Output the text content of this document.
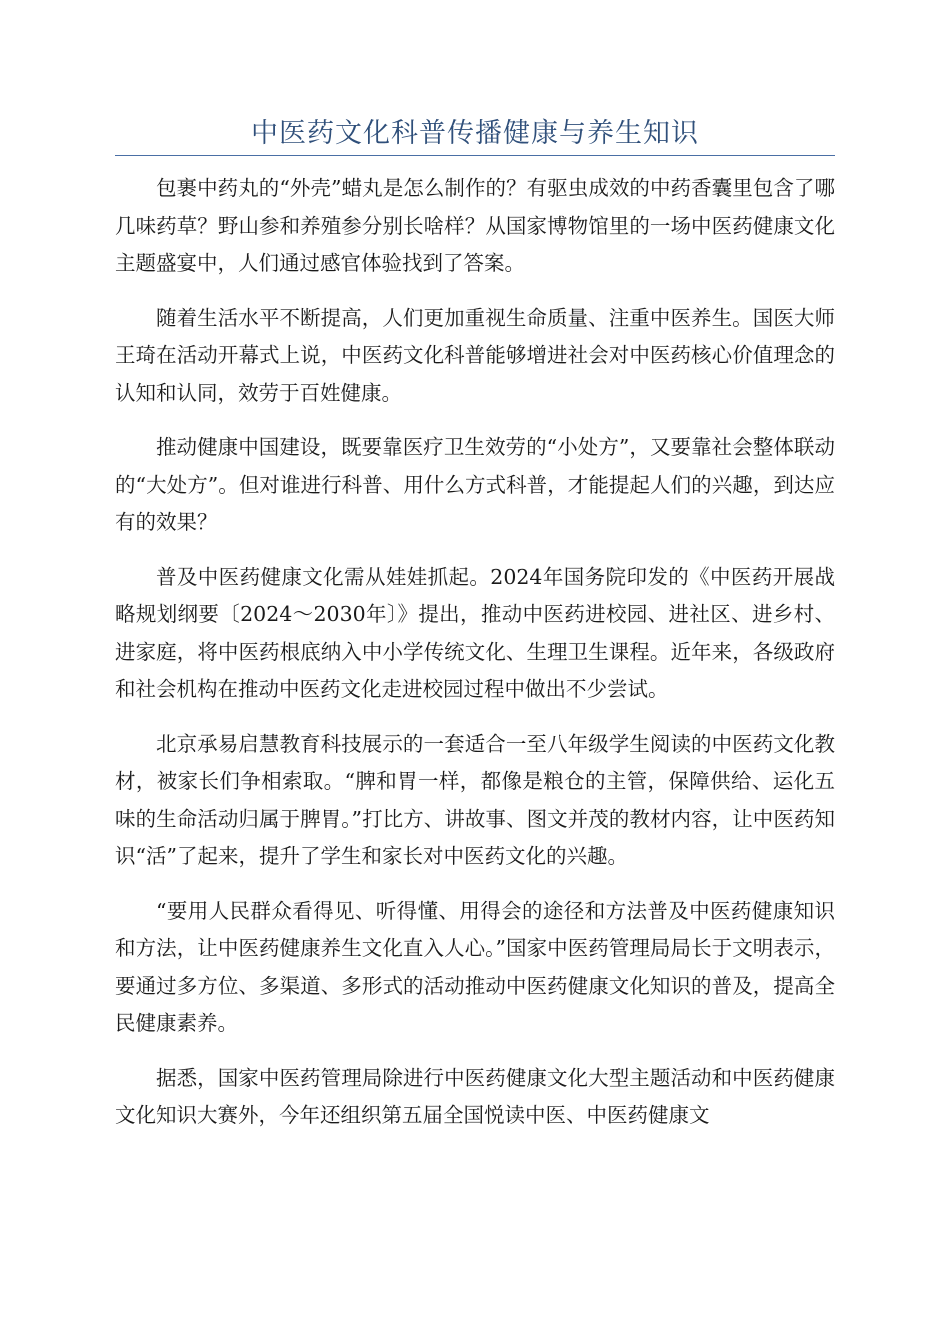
中医药文化科普传播健康与养生知识

包裹中药丸的“外壳”蜡丸是怎么制作的？有驱虫成效的中药香囊里包含了哪几味药草？野山参和养殖参分别长啥样？从国家博物馆里的一场中医药健康文化主题盛宴中，人们通过感官体验找到了答案。

随着生活水平不断提高，人们更加重视生命质量、注重中医养生。国医大师王琦在活动开幕式上说，中医药文化科普能够增进社会对中医药核心价值理念的认知和认同，效劳于百姓健康。

推动健康中国建设，既要靠医疗卫生效劳的“小处方”，又要靠社会整体联动的“大处方”。但对谁进行科普、用什么方式科普，才能提起人们的兴趣，到达应有的效果？

普及中医药健康文化需从娃娃抓起。2024年国务院印发的《中医药开展战略规划纲要〔2024～2030年〕》提出，推动中医药进校园、进社区、进乡村、进家庭，将中医药根底纳入中小学传统文化、生理卫生课程。近年来，各级政府和社会机构在推动中医药文化走进校园过程中做出不少尝试。

北京承易启慧教育科技展示的一套适合一至八年级学生阅读的中医药文化教材，被家长们争相索取。“脾和胃一样，都像是粮仓的主管，保障供给、运化五味的生命活动归属于脾胃。”打比方、讲故事、图文并茂的教材内容，让中医药知识“活”了起来，提升了学生和家长对中医药文化的兴趣。

“要用人民群众看得见、听得懂、用得会的途径和方法普及中医药健康知识和方法，让中医药健康养生文化直入人心。”国家中医药管理局局长于文明表示，要通过多方位、多渠道、多形式的活动推动中医药健康文化知识的普及，提高全民健康素养。

据悉，国家中医药管理局除进行中医药健康文化大型主题活动和中医药健康文化知识大赛外，今年还组织第五届全国悦读中医、中医药健康文
